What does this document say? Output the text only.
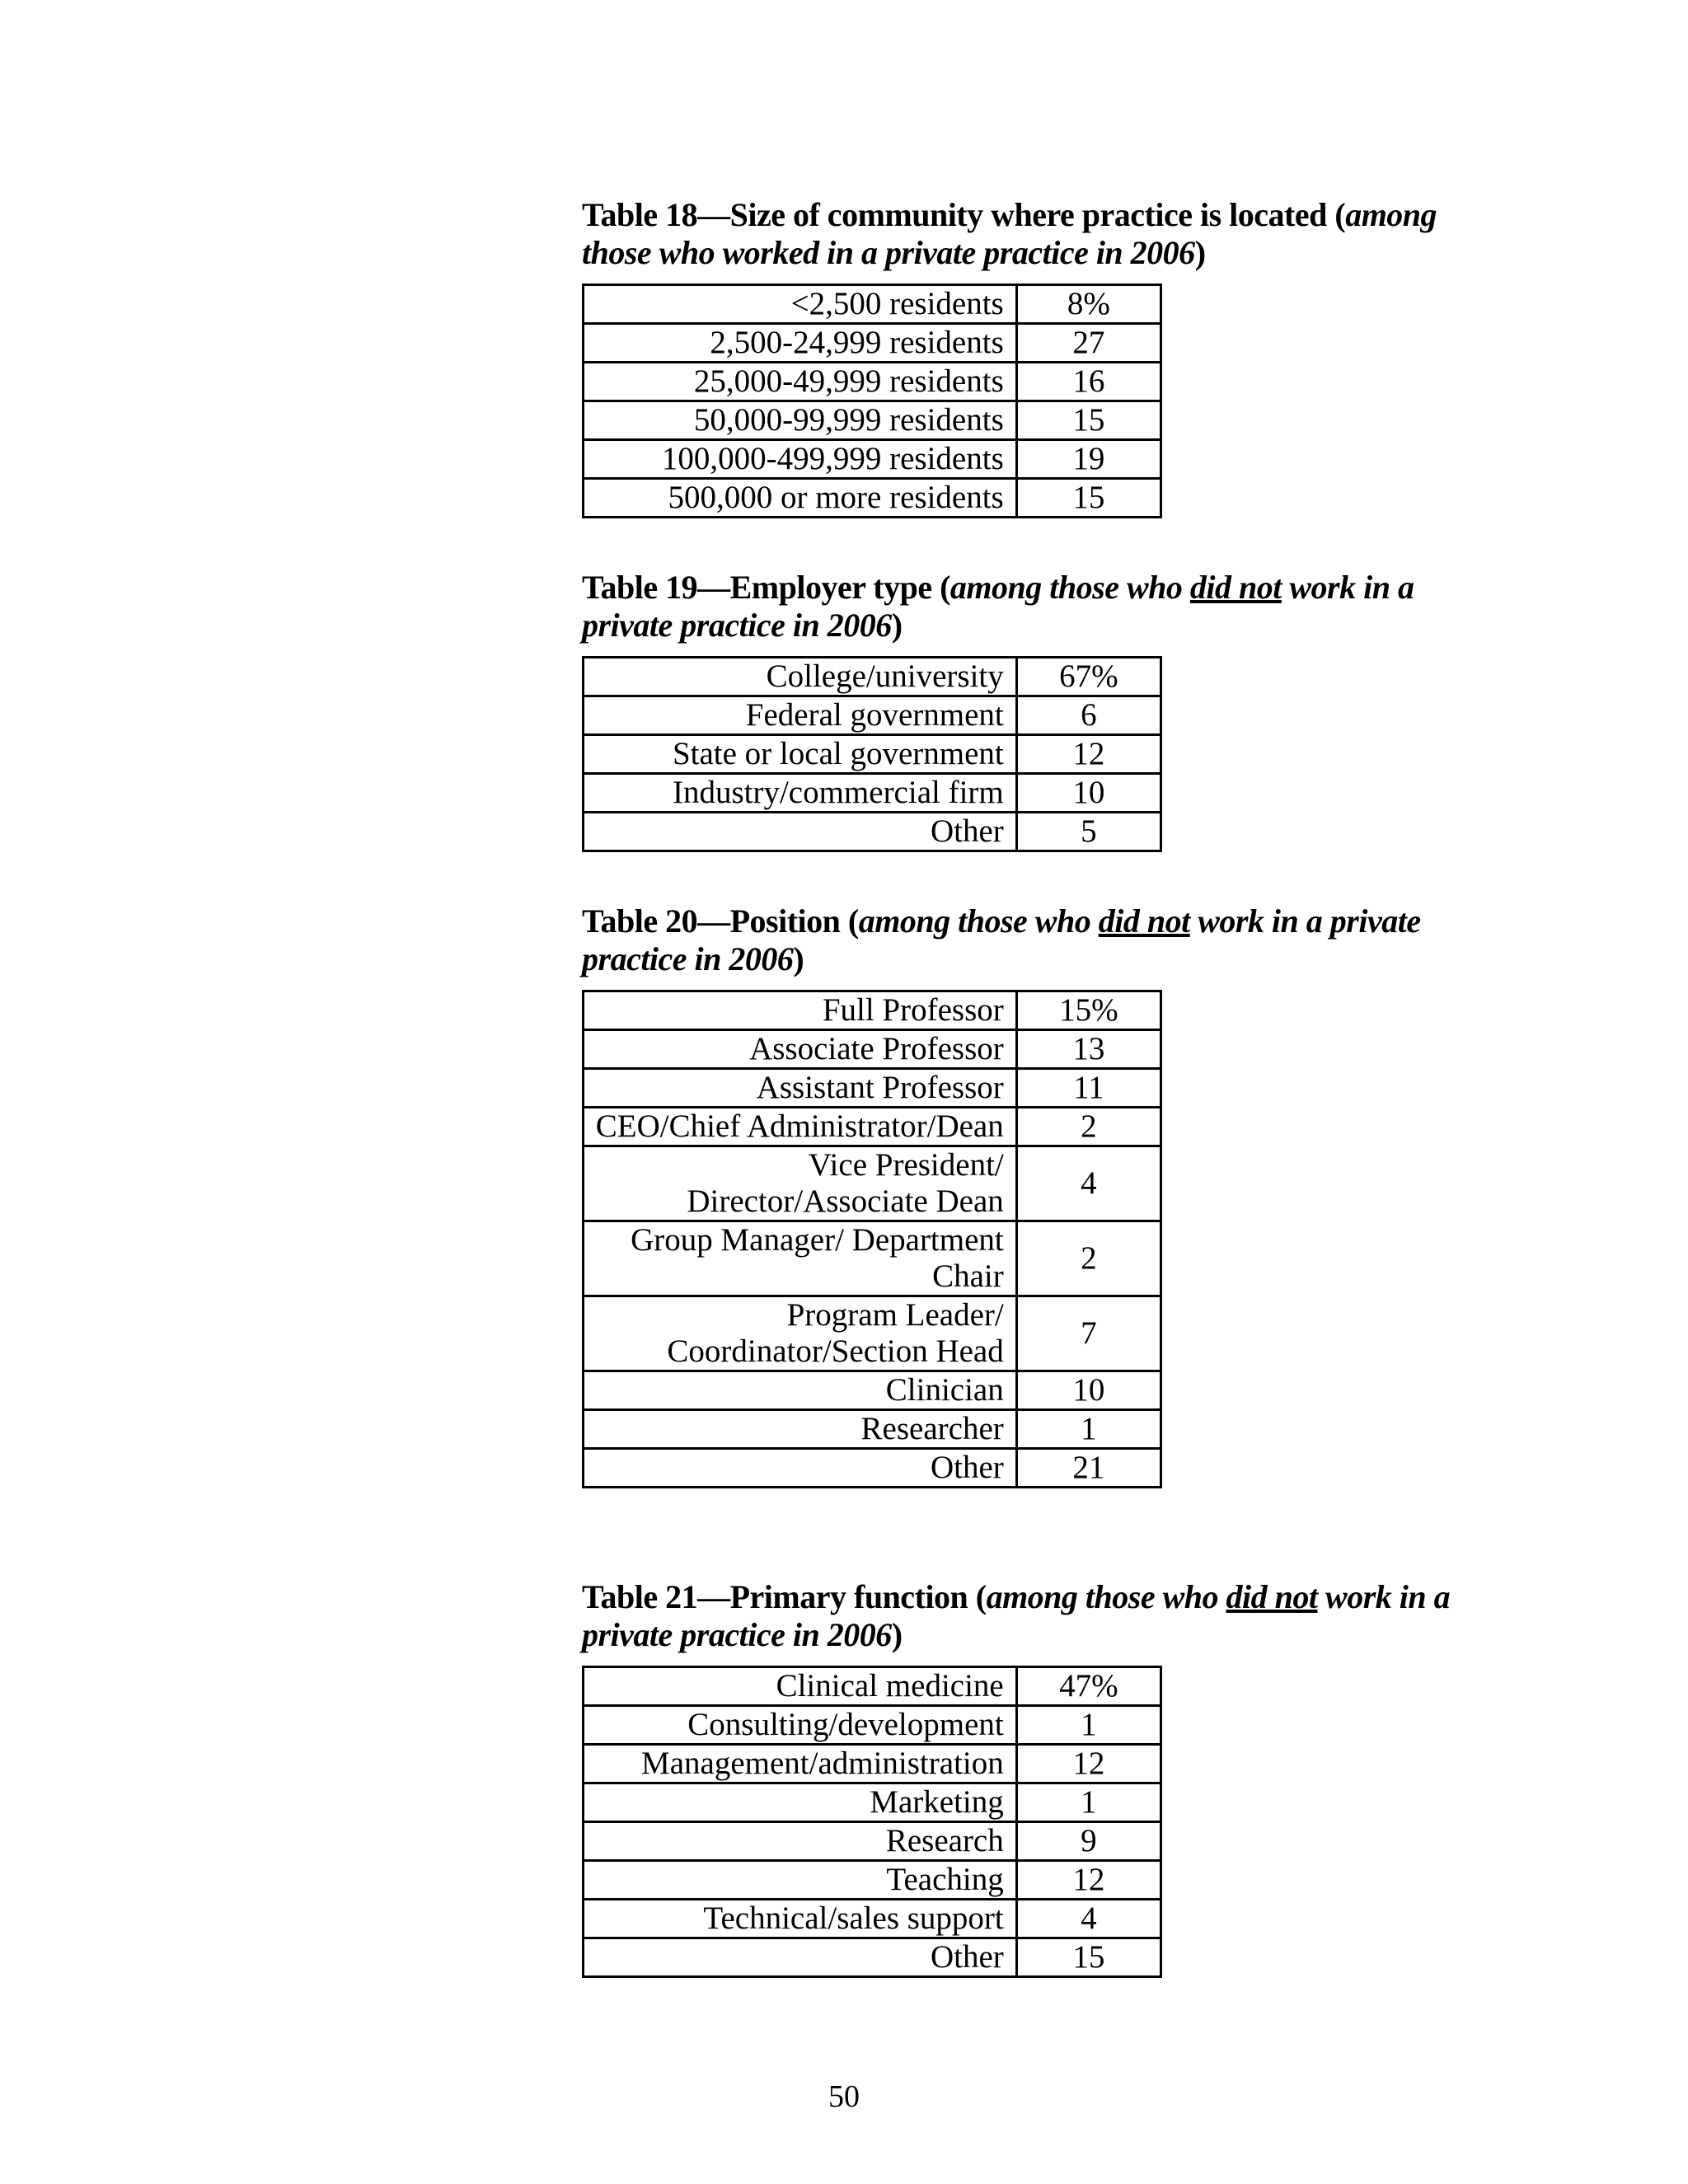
Table 18—Size of community where practice is located (among those who worked in a private practice in 2006)
<2,500 residents	8%
2,500-24,999 residents	27
25,000-49,999 residents	16
50,000-99,999 residents	15
100,000-499,999 residents	19
500,000 or more residents	15
Table 19—Employer type (among those who did not work in a private practice in 2006)
College/university	67%
Federal government	6
State or local government	12
Industry/commercial firm	10
Other	5
Table 20—Position (among those who did not work in a private practice in 2006)
Full Professor	15%
Associate Professor	13
Assistant Professor	11
CEO/Chief Administrator/Dean	2
Vice President/ Director/Associate Dean	4
Group Manager/ Department Chair	2
Program Leader/ Coordinator/Section Head	7
Clinician	10
Researcher	1
Other	21
Table 21—Primary function (among those who did not work in a private practice in 2006)
Clinical medicine	47%
Consulting/development	1
Management/administration	12
Marketing	1
Research	9
Teaching	12
Technical/sales support	4
Other	15
50
